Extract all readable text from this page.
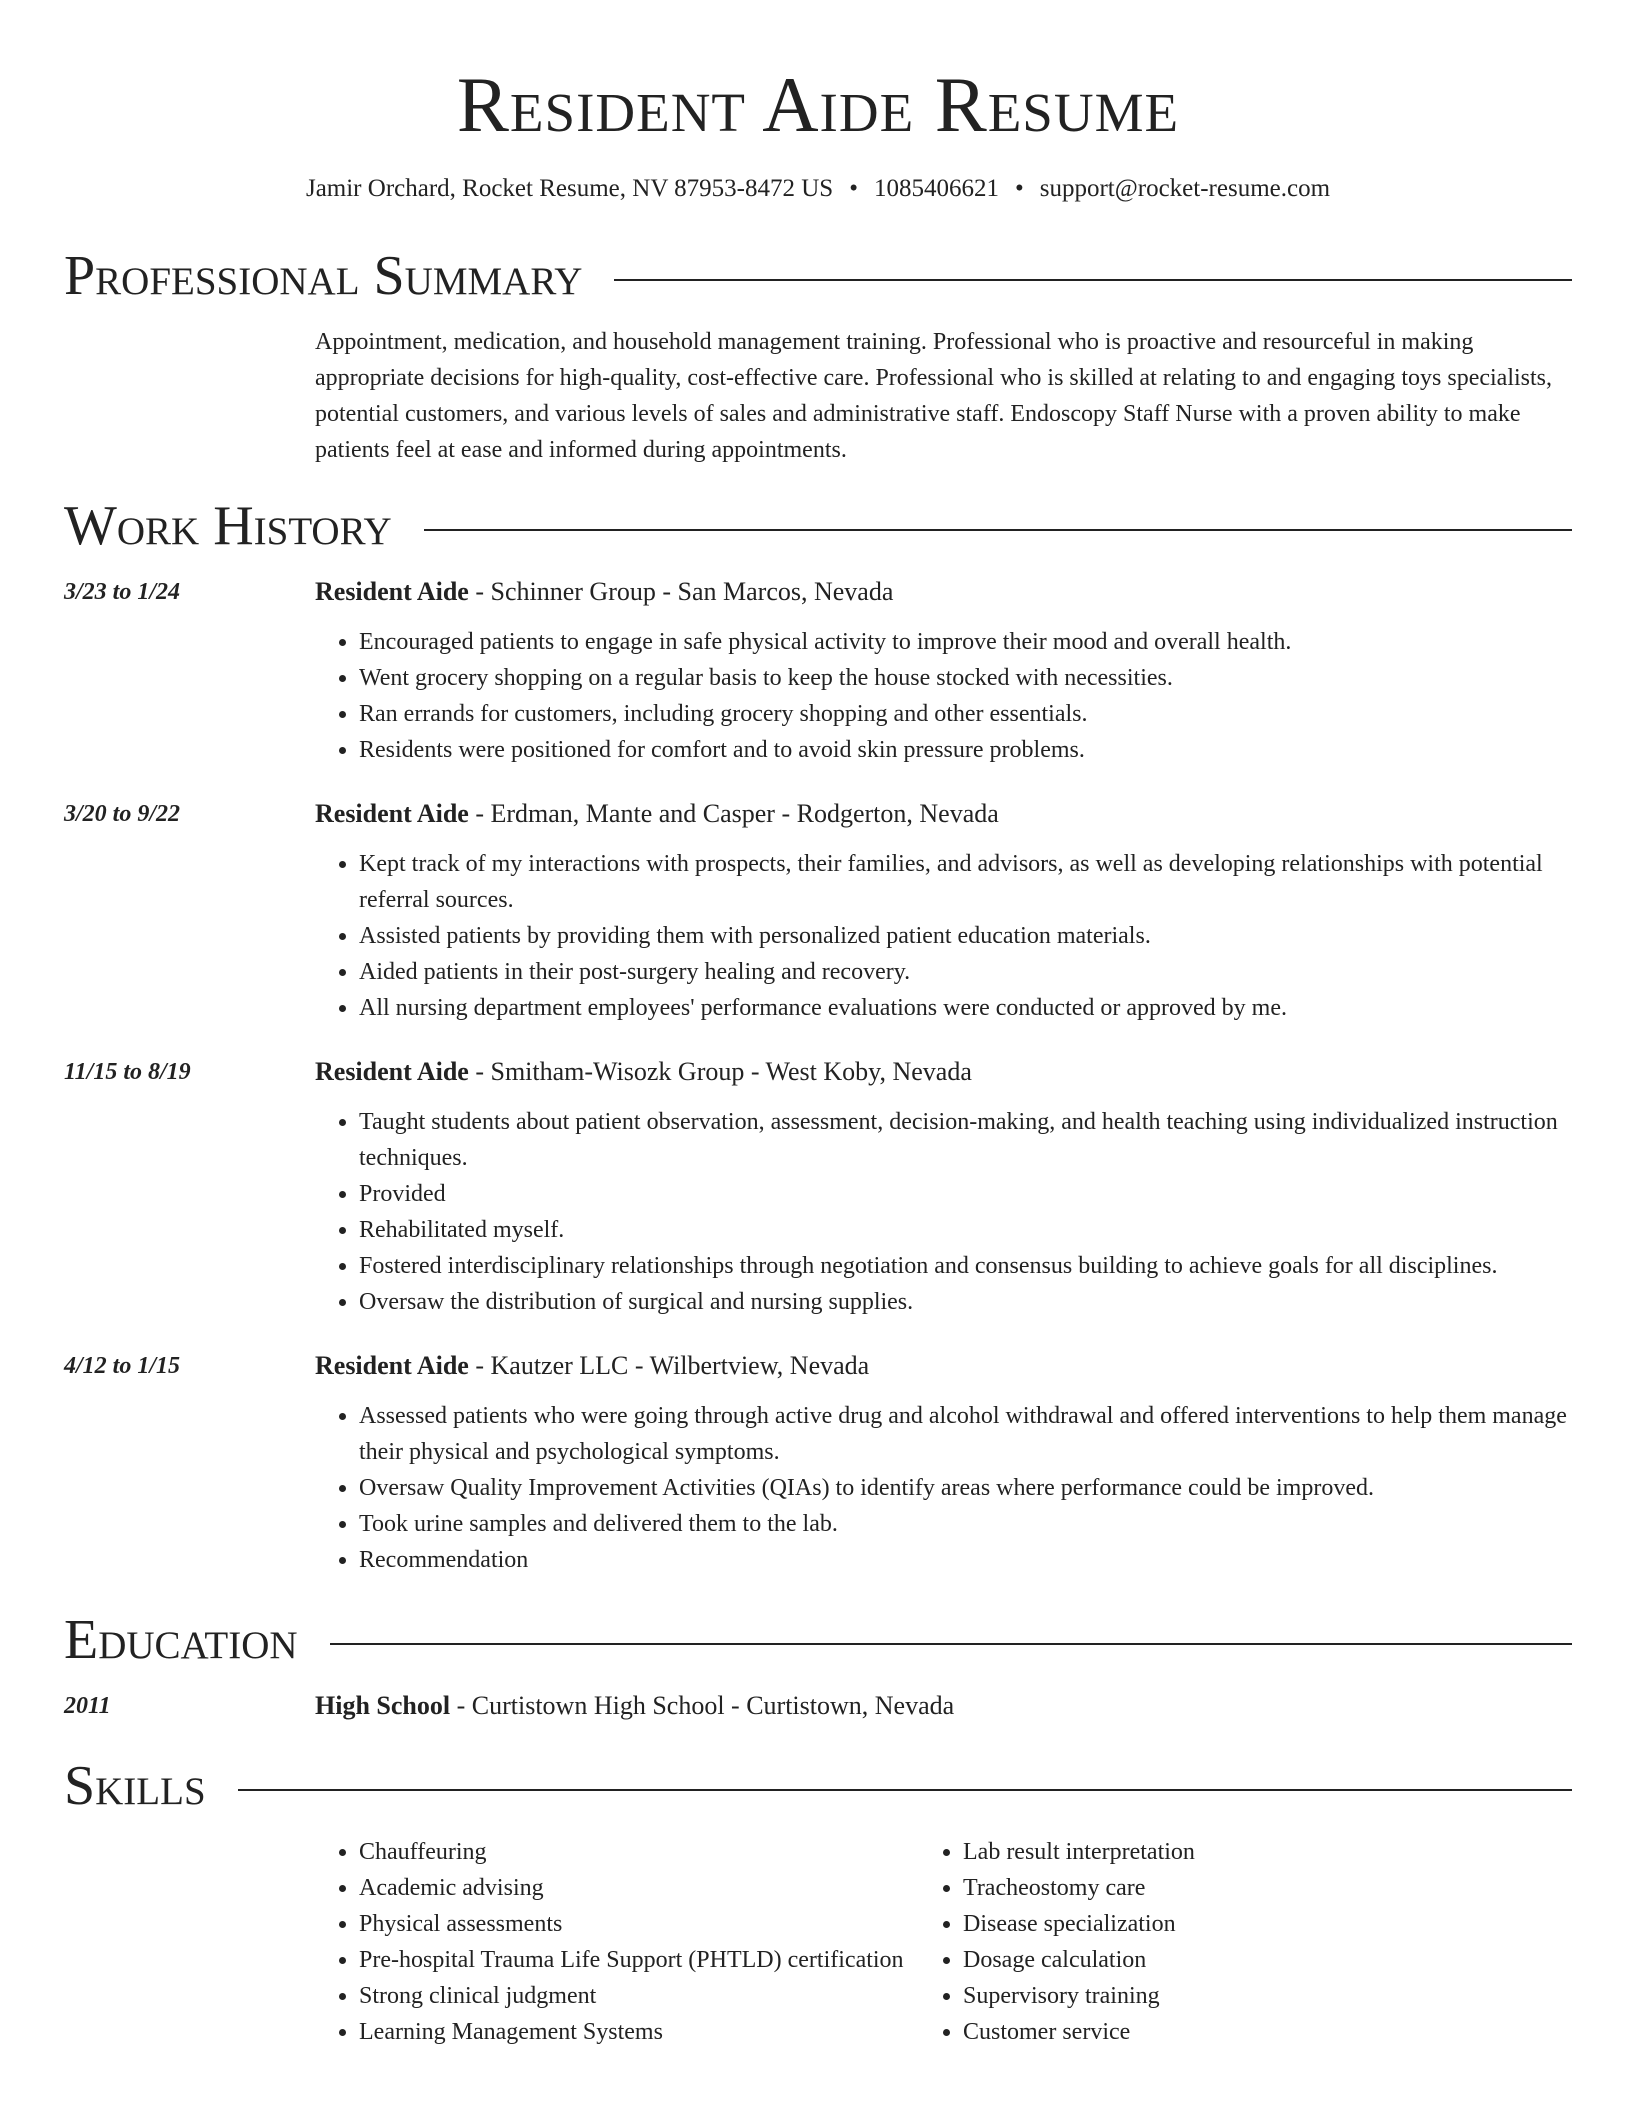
Resident Aide Resume
Jamir Orchard, Rocket Resume, NV 87953-8472 US • 1085406621 • support@rocket-resume.com
Professional Summary
Appointment, medication, and household management training. Professional who is proactive and resourceful in making appropriate decisions for high-quality, cost-effective care. Professional who is skilled at relating to and engaging toys specialists, potential customers, and various levels of sales and administrative staff. Endoscopy Staff Nurse with a proven ability to make patients feel at ease and informed during appointments.
Work History
3/23 to 1/24	Resident Aide - Schinner Group - San Marcos, Nevada
• Encouraged patients to engage in safe physical activity to improve their mood and overall health.
• Went grocery shopping on a regular basis to keep the house stocked with necessities.
• Ran errands for customers, including grocery shopping and other essentials.
• Residents were positioned for comfort and to avoid skin pressure problems.
3/20 to 9/22	Resident Aide - Erdman, Mante and Casper - Rodgerton, Nevada
• Kept track of my interactions with prospects, their families, and advisors, as well as developing relationships with potential referral sources.
• Assisted patients by providing them with personalized patient education materials.
• Aided patients in their post-surgery healing and recovery.
• All nursing department employees' performance evaluations were conducted or approved by me.
11/15 to 8/19	Resident Aide - Smitham-Wisozk Group - West Koby, Nevada
• Taught students about patient observation, assessment, decision-making, and health teaching using individualized instruction techniques.
• Provided
• Rehabilitated myself.
• Fostered interdisciplinary relationships through negotiation and consensus building to achieve goals for all disciplines.
• Oversaw the distribution of surgical and nursing supplies.
4/12 to 1/15	Resident Aide - Kautzer LLC - Wilbertview, Nevada
• Assessed patients who were going through active drug and alcohol withdrawal and offered interventions to help them manage their physical and psychological symptoms.
• Oversaw Quality Improvement Activities (QIAs) to identify areas where performance could be improved.
• Took urine samples and delivered them to the lab.
• Recommendation
Education
2011	High School - Curtistown High School - Curtistown, Nevada
Skills
• Chauffeuring
• Academic advising
• Physical assessments
• Pre-hospital Trauma Life Support (PHTLD) certification
• Strong clinical judgment
• Learning Management Systems
• Lab result interpretation
• Tracheostomy care
• Disease specialization
• Dosage calculation
• Supervisory training
• Customer service
